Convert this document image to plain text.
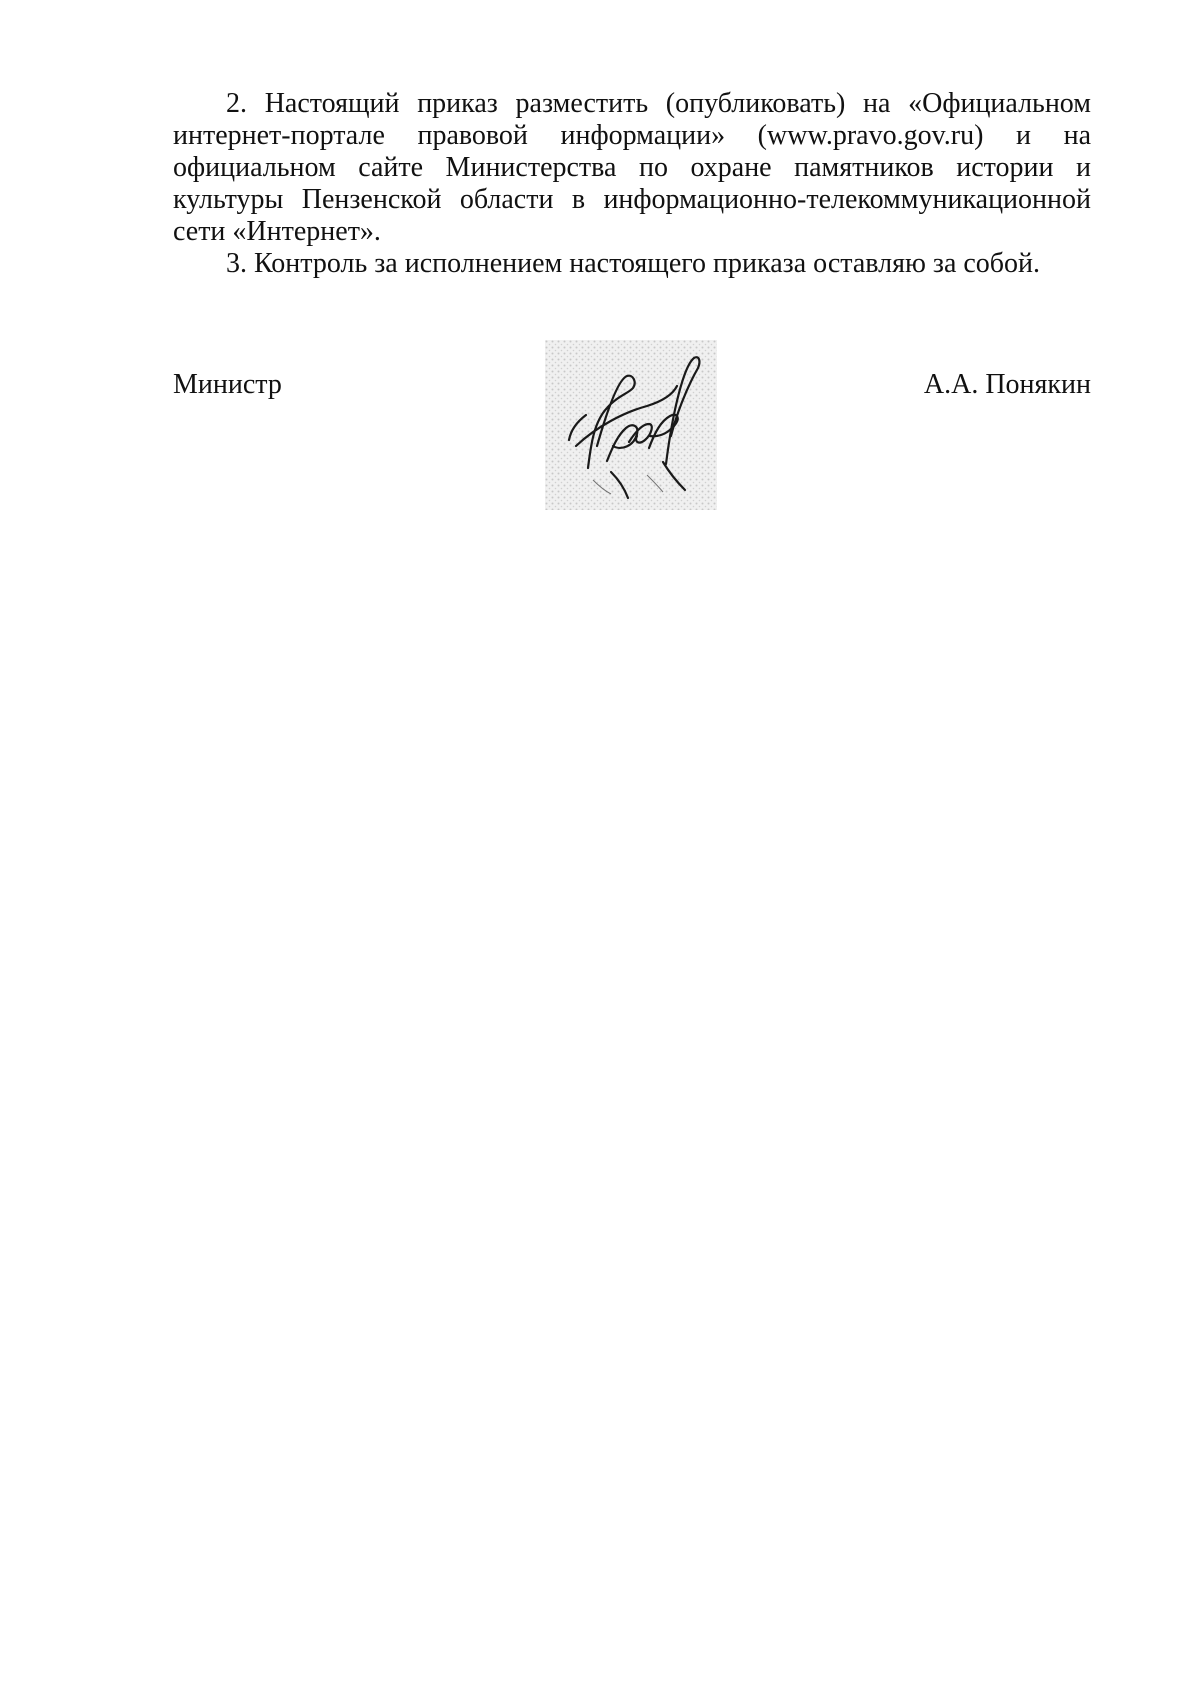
2. Настоящий приказ разместить (опубликовать) на «Официальном интернет-портале правовой информации» (www.pravo.gov.ru) и на официальном сайте Министерства по охране памятников истории и культуры Пензенской области в информационно-телекоммуникационной сети «Интернет».

3. Контроль за исполнением настоящего приказа оставляю за собой.

Министр	А.А. Понякин
